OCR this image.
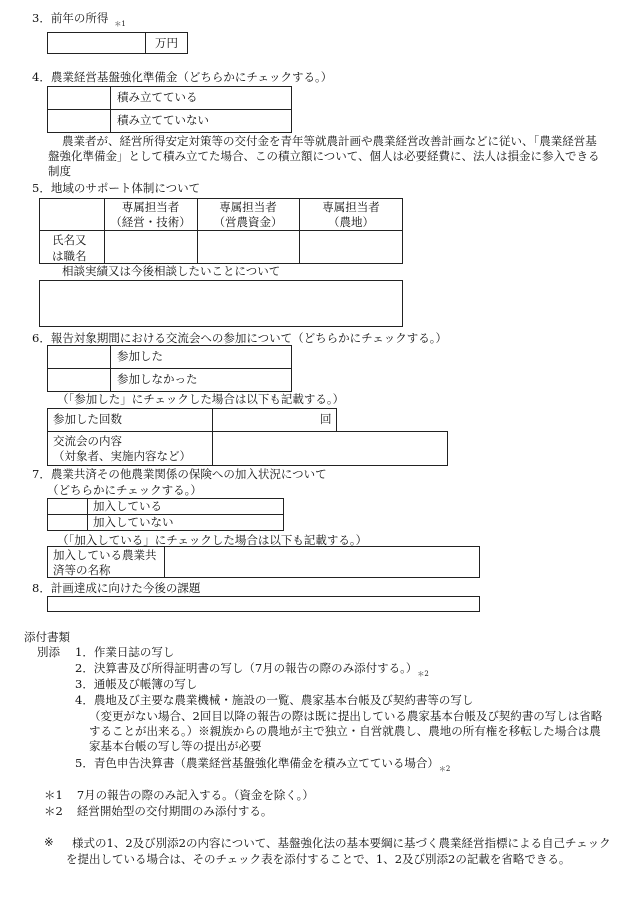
3．前年の所得 $_{*1}$
万円
4．農業経営基盤強化準備金（どちらかにチェックする。）
積み立てている
積み立てていない
農業者が、経営所得安定対策等の交付金を青年等就農計画や農業経営改善計画などに従い、「農業経営基盤強化準備金」として積み立てた場合、この積立額について、個人は必要経費に、法人は損金に参入できる制度
5．地域のサポート体制について
専属担当者
（経営・技術）
専属担当者
（営農資金）
専属担当者
（農地）
氏名又
は職名
相談実績又は今後相談したいことについて
6．報告対象期間における交流会への参加について（どちらかにチェックする。）
参加した
参加しなかった
（「参加した」にチェックした場合は以下も記載する。）
参加した回数	回
交流会の内容
（対象者、実施内容など）
7．農業共済その他農業関係の保険への加入状況について
（どちらかにチェックする。）
加入している
加入していない
（「加入している」にチェックした場合は以下も記載する。）
加入している農業共
済等の名称
8．計画達成に向けた今後の課題
添付書類
別添 1．作業日誌の写し
2．決算書及び所得証明書の写し（7月の報告の際のみ添付する。）$_{*2}$
3．通帳及び帳簿の写し
4．農地及び主要な農業機械・施設の一覧、農家基本台帳及び契約書等の写し
（変更がない場合、2回目以降の報告の際は既に提出している農家基本台帳及び契約書の写しは省略することが出来る。）※親族からの農地が主で独立・自営就農し、農地の所有権を移転した場合は農家基本台帳の写し等の提出が必要
5．青色申告決算書（農業経営基盤強化準備金を積み立てている場合）$_{*2}$
＊1 7月の報告の際のみ記入する。（資金を除く。）
＊2 経営開始型の交付期間のみ添付する。
※	様式の1、2及び別添2の内容について、基盤強化法の基本要綱に基づく農業経営指標による自己チェックを提出している場合は、そのチェック表を添付することで、1、2及び別添2の記載を省略できる。
